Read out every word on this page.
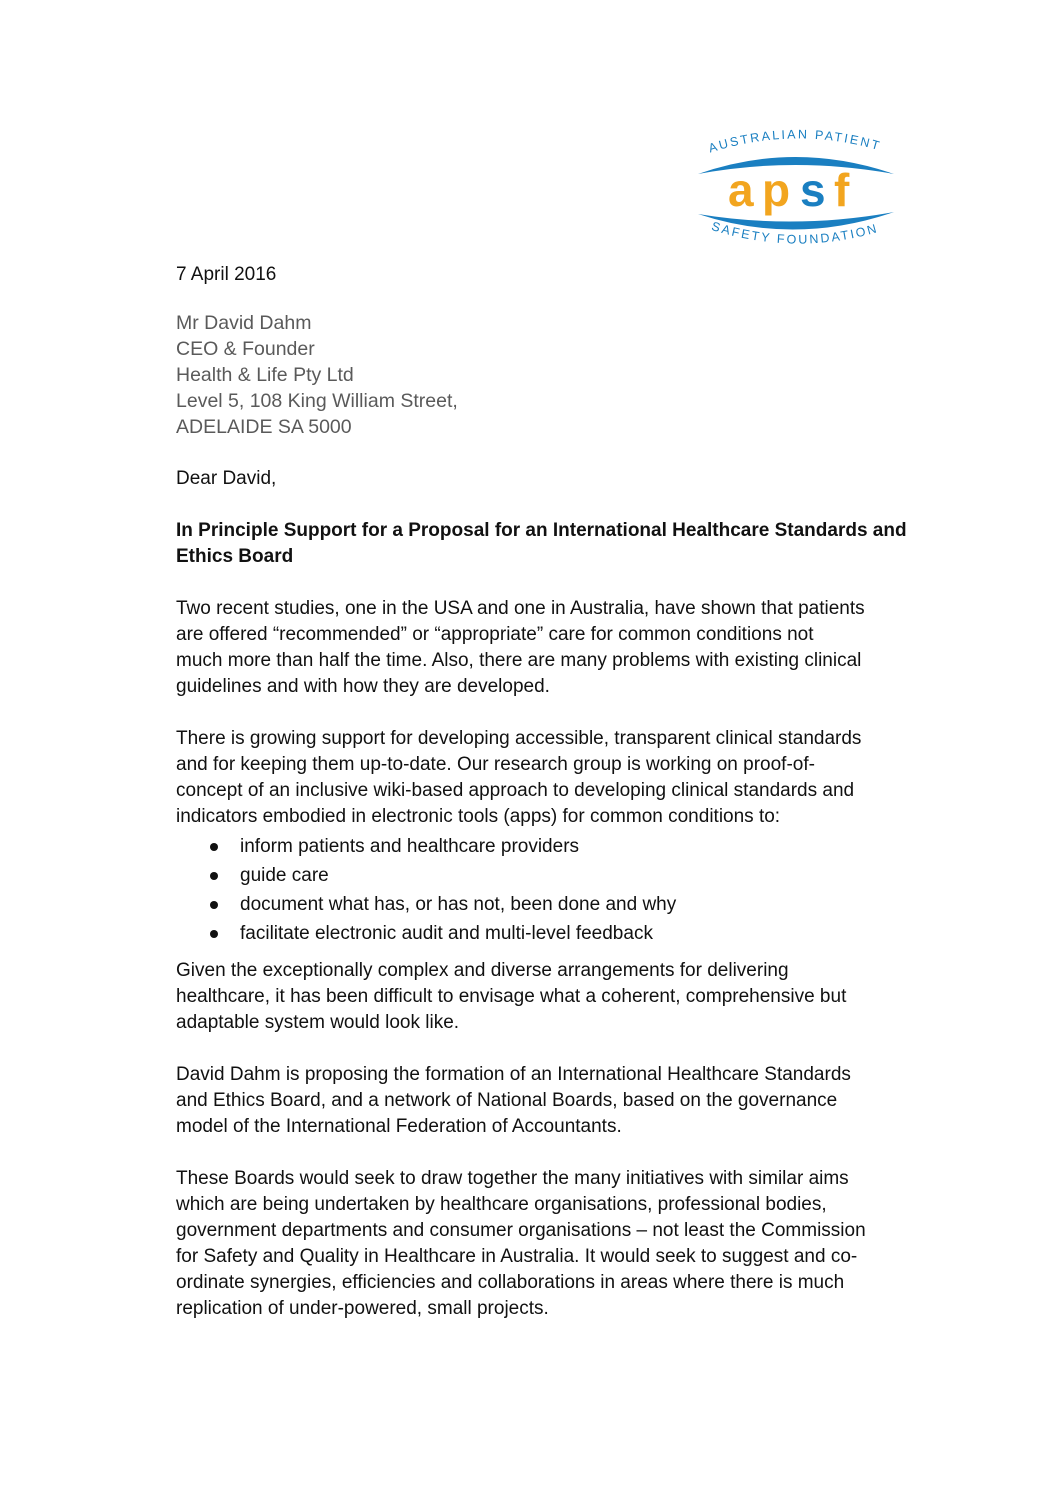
AUSTRALIAN PATIENT
a p s f
SAFETY FOUNDATION
7 April 2016
Mr David Dahm
CEO & Founder
Health & Life Pty Ltd
Level 5, 108 King William Street,
ADELAIDE SA 5000
Dear David,
In Principle Support for a Proposal for an International Healthcare Standards and
Ethics Board
Two recent studies, one in the USA and one in Australia, have shown that patients
are offered “recommended” or “appropriate” care for common conditions not
much more than half the time. Also, there are many problems with existing clinical
guidelines and with how they are developed.
There is growing support for developing accessible, transparent clinical standards
and for keeping them up-to-date. Our research group is working on proof-of-
concept of an inclusive wiki-based approach to developing clinical standards and
indicators embodied in electronic tools (apps) for common conditions to:
inform patients and healthcare providers
guide care
document what has, or has not, been done and why
facilitate electronic audit and multi-level feedback
Given the exceptionally complex and diverse arrangements for delivering
healthcare, it has been difficult to envisage what a coherent, comprehensive but
adaptable system would look like.
David Dahm is proposing the formation of an International Healthcare Standards
and Ethics Board, and a network of National Boards, based on the governance
model of the International Federation of Accountants.
These Boards would seek to draw together the many initiatives with similar aims
which are being undertaken by healthcare organisations, professional bodies,
government departments and consumer organisations – not least the Commission
for Safety and Quality in Healthcare in Australia. It would seek to suggest and co-
ordinate synergies, efficiencies and collaborations in areas where there is much
replication of under-powered, small projects.
